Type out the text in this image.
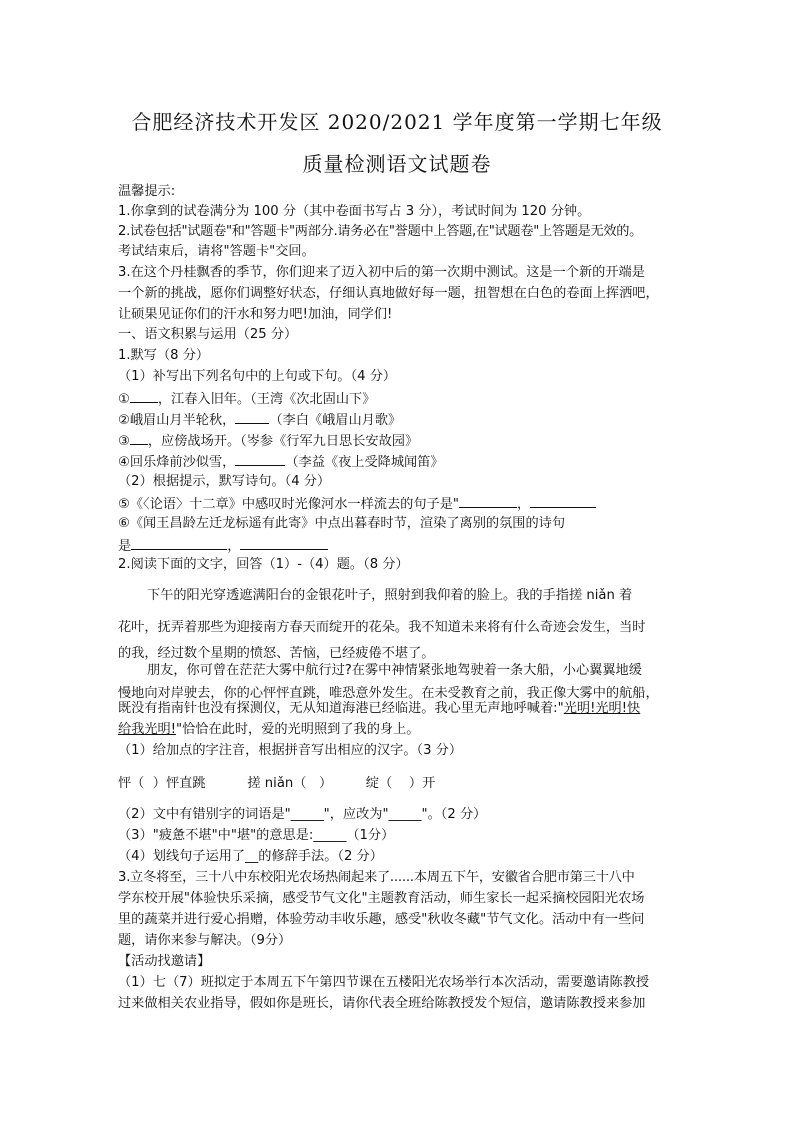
合肥经济技术开发区 2020/2021 学年度第一学期七年级
质量检测语文试题卷
温馨提示:
1.你拿到的试卷满分为 100 分（其中卷面书写占 3 分），考试时间为 120 分钟。
2.试卷包括"试题卷"和"答题卡"两部分.请务必在"誉题中上答题,在"试题卷"上答题是无效的。
考试结束后，请将"答题卡"交回。
3.在这个丹桂飘香的季节，你们迎来了迈入初中后的第一次期中测试。这是一个新的开端是
一个新的挑战，愿你们调整好状态，仔细认真地做好每一题，扭智想在白色的卷面上挥洒吧，
让硕果见证你们的汗水和努力吧!加油，同学们!
一、语文积累与运用（25 分）
1.默写（8 分）
（1）补写出下列名句中的上句或下句。（4 分）
① ，江春入旧年。（王湾《次北固山下》
②峨眉山月半轮秋，	（李白《峨眉山月歌》
③ ，应傍战场开。（岑参《行军九日思长安故园》
④回乐烽前沙似雪，	（李益《夜上受降城闻笛》
（2）根据提示，默写诗句。（4 分）
⑤《〈论语〉十二章》中感叹时光像河水一样流去的句子是"	，
⑥《闻王昌龄左迁龙标遥有此寄》中点出暮春时节，渲染了离别的氛围的诗句
是	，
2.阅读下面的文字，回答（1）-（4）题。（8 分）
下午的阳光穿透遮满阳台的金银花叶子，照射到我仰着的脸上。我的手指搓 niǎn 着
花叶，抚弄着那些为迎接南方春天而绽开的花朵。我不知道未来将有什么奇迹会发生，当时
的我，经过数个星期的愤怒、苦恼，已经疲倦不堪了。
朋友，你可曾在茫茫大雾中航行过?在雾中神情紧张地驾驶着一条大船，小心翼翼地缓
慢地向对岸驶去，你的心怦怦直跳，唯恐意外发生。在未受教育之前，我正像大雾中的航船，
既没有指南针也没有探测仪，无从知道海港已经临进。我心里无声地呼喊着:"光明!光明!快
给我光明!"恰恰在此时，爱的光明照到了我的身上。
（1）给加点的字注音，根据拼音写出相应的汉字。（3 分）
怦（  ）怦直跳          搓 niǎn（   ）        绽（    ）开
（2）文中有错别字的词语是"_____"，应改为"_____"。（2 分）
（3）"疲惫不堪"中"堪"的意思是:_____（1分）
（4）划线句子运用了__的修辞手法。（2 分）
3.立冬将至，三十八中东校阳光农场热闹起来了......本周五下午，安徽省合肥市第三十八中
学东校开展"体验快乐采摘，感受节气文化"主题教育活动，师生家长一起采摘校园阳光农场
里的蔬菜并进行爱心捐赠，体验劳动丰收乐趣，感受"秋收冬藏"节气文化。活动中有一些问
题，请你来参与解决。（9分）
【活动找邀请】
（1）七（7）班拟定于本周五下午第四节课在五楼阳光农场举行本次活动，需要邀请陈教授
过来做相关农业指导，假如你是班长，请你代表全班给陈教授发个短信，邀请陈教授来参加
